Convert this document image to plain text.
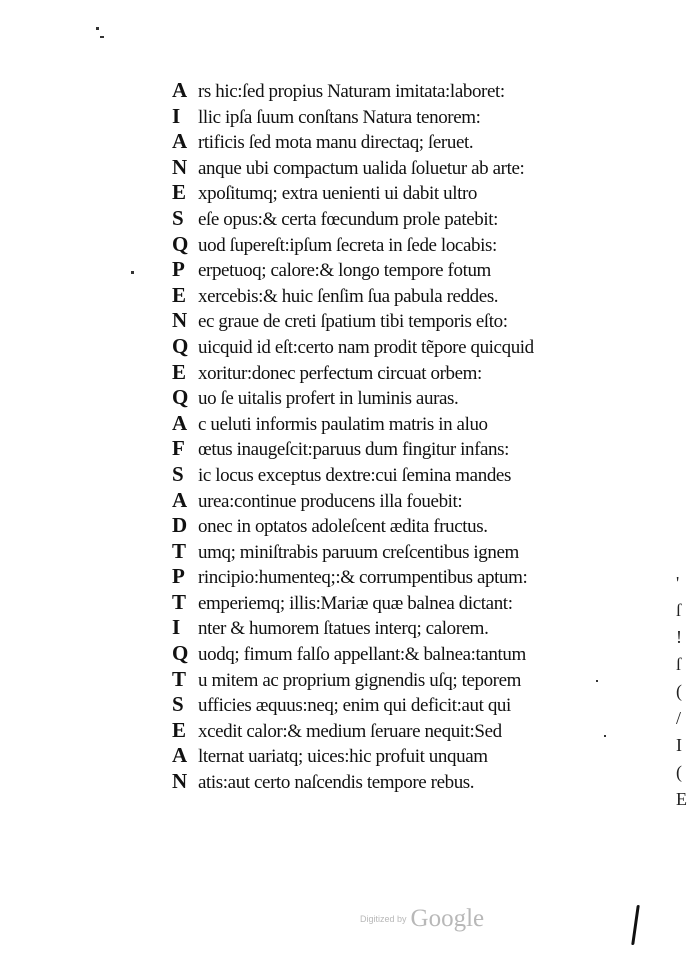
A rs hic:ſed propius Naturam imitata:laboret:
I llic ipſa ſuum conſtans Natura tenorem:
A rtificis ſed mota manu directaq; ſeruet.
N anque ubi compactum ualida ſoluetur ab arte:
E xpoſitumq; extra uenienti ui dabit ultro
S eſe opus:& certa fœcundum prole patebit:
Q uod ſupereſt:ipſum ſecreta in ſede locabis:
P erpetuoq; calore:& longo tempore fotum
E xercebis:& huic ſenſim ſua pabula reddes.
N ec graue de creti ſpatium tibi temporis eſto:
Q uicquid id eſt:certo nam prodit tẽpore quicquid
E xoritur:donec perfectum circuat orbem:
Q uo ſe uitalis profert in luminis auras.
A c ueluti informis paulatim matris in aluo
F œtus inaugeſcit:paruus dum fingitur infans:
S ic locus exceptus dextre:cui ſemina mandes
A urea:continue producens illa fouebit:
D onec in optatos adoleſcent ædita fructus.
T umq; miniſtrabis paruum creſcentibus ignem
P rincipio:humenteq;:& corrumpentibus aptum:
T emperiemq; illis:Mariæ quæ balnea dictant:
I nter & humorem ſtatues interq; calorem.
Q uodq; fimum falſo appellant:& balnea:tantum
T u mitem ac proprium gignendis uſq; teporem
S ufficies æquus:neq; enim qui deficit:aut qui
E xcedit calor:& medium ſeruare nequit:Sed
A lternat uariatq; uices:hic profuit unquam
N atis:aut certo naſcendis tempore rebus.
'
ſ
!
ſ
(
/
I
(
E
Digitized by Google
